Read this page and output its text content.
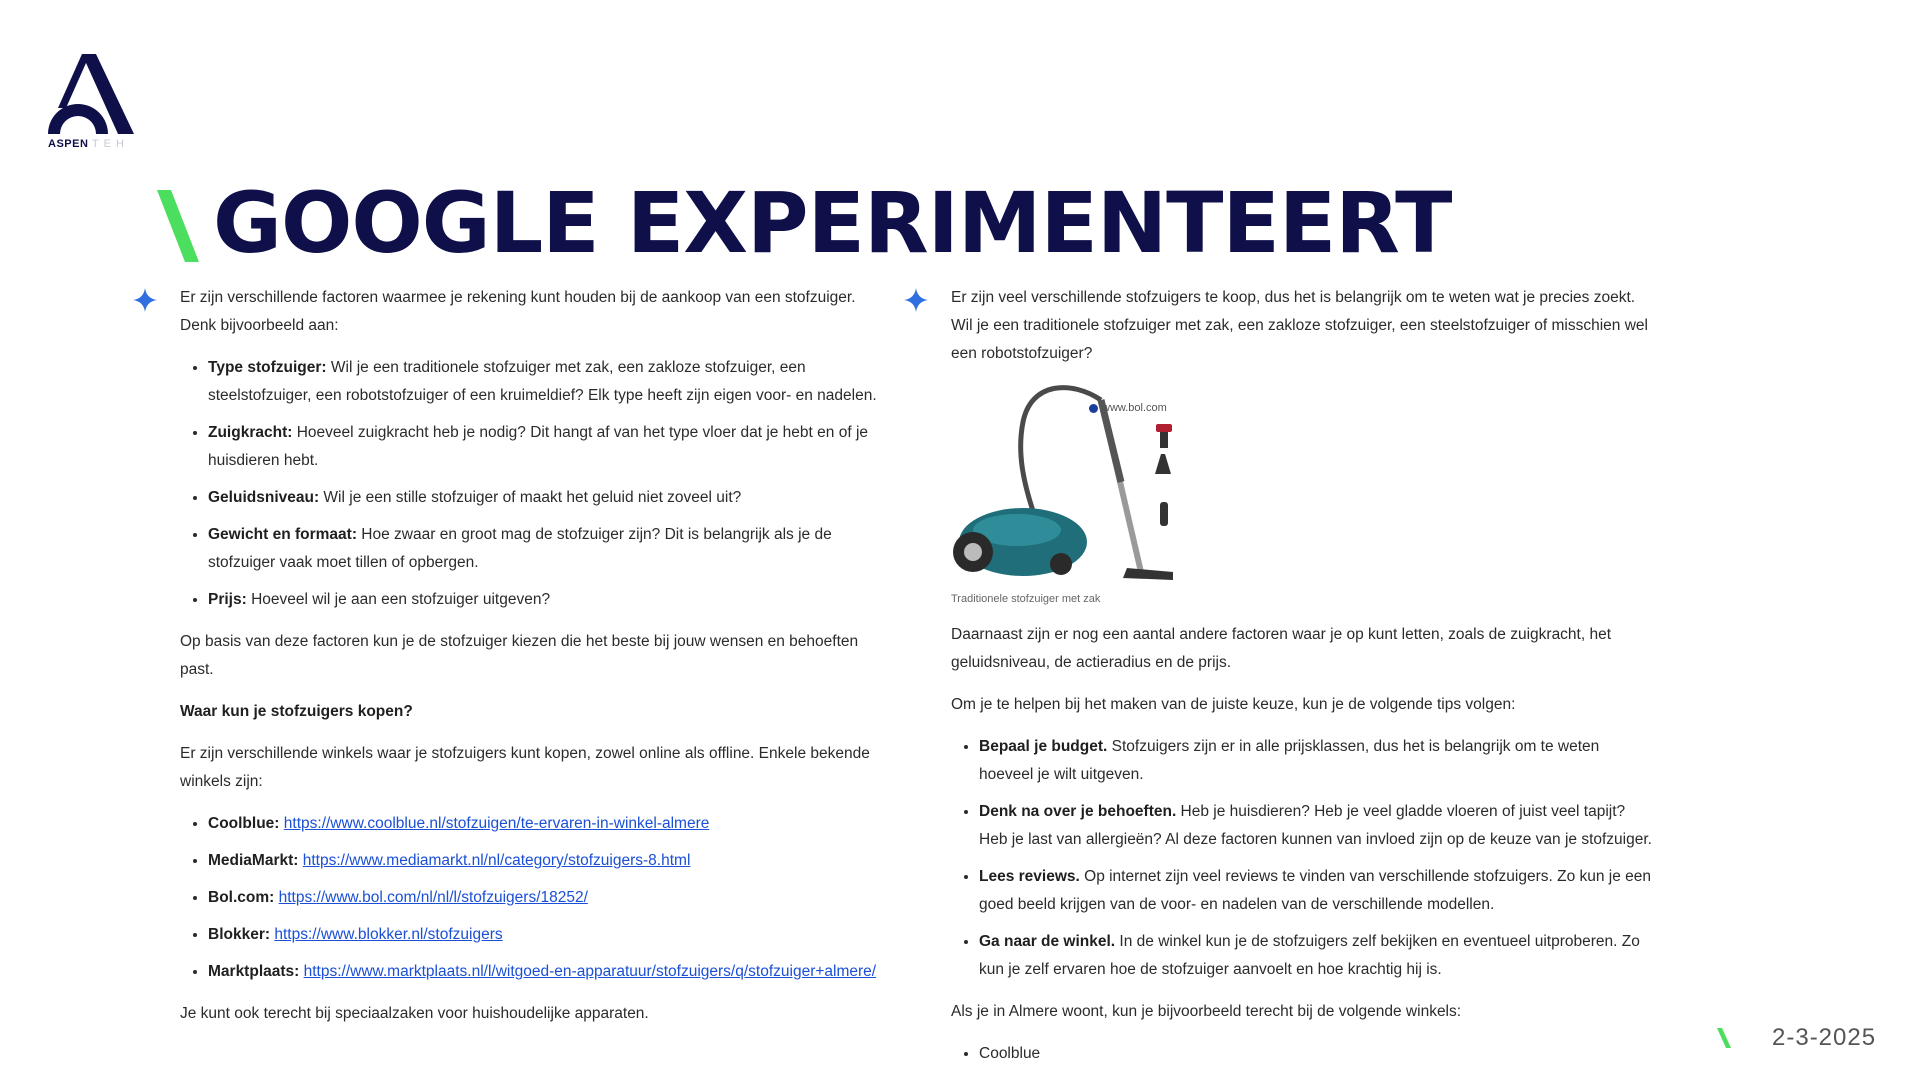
ASPEN T E H
GOOGLE EXPERIMENTEERT

Er zijn verschillende factoren waarmee je rekening kunt houden bij de aankoop van een stofzuiger. Denk bijvoorbeeld aan:

• Type stofzuiger: Wil je een traditionele stofzuiger met zak, een zakloze stofzuiger, een steelstofzuiger, een robotstofzuiger of een kruimeldief? Elk type heeft zijn eigen voor- en nadelen.
• Zuigkracht: Hoeveel zuigkracht heb je nodig? Dit hangt af van het type vloer dat je hebt en of je huisdieren hebt.
• Geluidsniveau: Wil je een stille stofzuiger of maakt het geluid niet zoveel uit?
• Gewicht en formaat: Hoe zwaar en groot mag de stofzuiger zijn? Dit is belangrijk als je de stofzuiger vaak moet tillen of opbergen.
• Prijs: Hoeveel wil je aan een stofzuiger uitgeven?

Op basis van deze factoren kun je de stofzuiger kiezen die het beste bij jouw wensen en behoeften past.

Waar kun je stofzuigers kopen?

Er zijn verschillende winkels waar je stofzuigers kunt kopen, zowel online als offline. Enkele bekende winkels zijn:

• Coolblue: https://www.coolblue.nl/stofzuigen/te-ervaren-in-winkel-almere
• MediaMarkt: https://www.mediamarkt.nl/nl/category/stofzuigers-8.html
• Bol.com: https://www.bol.com/nl/nl/l/stofzuigers/18252/
• Blokker: https://www.blokker.nl/stofzuigers
• Marktplaats: https://www.marktplaats.nl/l/witgoed-en-apparatuur/stofzuigers/q/stofzuiger+almere/

Je kunt ook terecht bij speciaalzaken voor huishoudelijke apparaten.

Er zijn veel verschillende stofzuigers te koop, dus het is belangrijk om te weten wat je precies zoekt. Wil je een traditionele stofzuiger met zak, een zakloze stofzuiger, een steelstofzuiger of misschien wel een robotstofzuiger?

www.bol.com

Traditionele stofzuiger met zak

Daarnaast zijn er nog een aantal andere factoren waar je op kunt letten, zoals de zuigkracht, het geluidsniveau, de actieradius en de prijs.

Om je te helpen bij het maken van de juiste keuze, kun je de volgende tips volgen:

• Bepaal je budget. Stofzuigers zijn er in alle prijsklassen, dus het is belangrijk om te weten hoeveel je wilt uitgeven.
• Denk na over je behoeften. Heb je huisdieren? Heb je veel gladde vloeren of juist veel tapijt? Heb je last van allergieën? Al deze factoren kunnen van invloed zijn op de keuze van je stofzuiger.
• Lees reviews. Op internet zijn veel reviews te vinden van verschillende stofzuigers. Zo kun je een goed beeld krijgen van de voor- en nadelen van de verschillende modellen.
• Ga naar de winkel. In de winkel kun je de stofzuigers zelf bekijken en eventueel uitproberen. Zo kun je zelf ervaren hoe de stofzuiger aanvoelt en hoe krachtig hij is.

Als je in Almere woont, kun je bijvoorbeeld terecht bij de volgende winkels:

• Coolblue
2-3-2025
